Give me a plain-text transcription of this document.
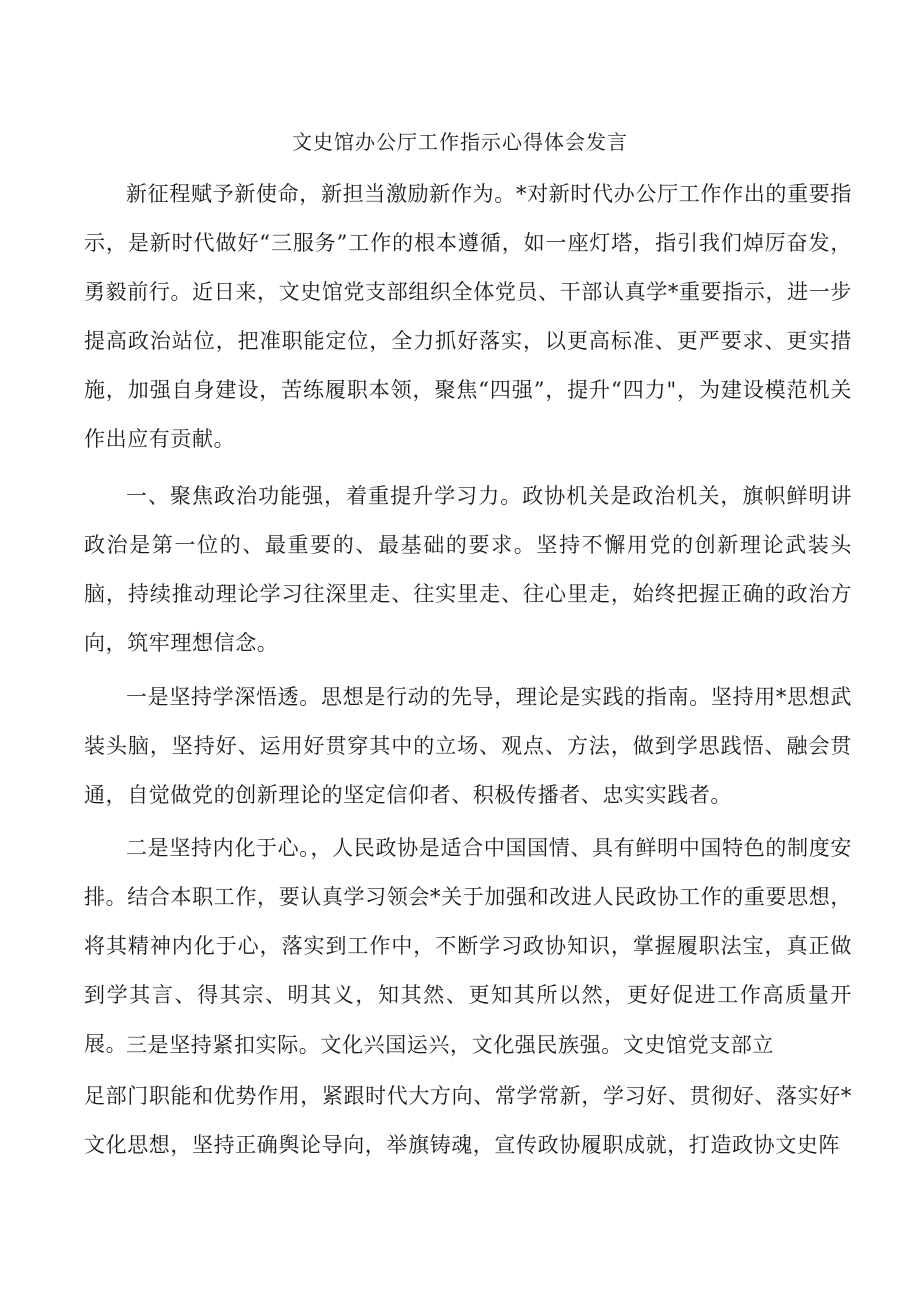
文史馆办公厅工作指示心得体会发言

新征程赋予新使命，新担当激励新作为。*对新时代办公厅工作作出的重要指示，是新时代做好“三服务”工作的根本遵循，如一座灯塔，指引我们焯厉奋发，勇毅前行。近日来，文史馆党支部组织全体党员、干部认真学*重要指示，进一步提高政治站位，把准职能定位，全力抓好落实，以更高标准、更严要求、更实措施，加强自身建设，苦练履职本领，聚焦“四强”，提升“四力"，为建设模范机关作出应有贡献。

一、聚焦政治功能强，着重提升学习力。政协机关是政治机关，旗帜鲜明讲政治是第一位的、最重要的、最基础的要求。坚持不懈用党的创新理论武装头脑，持续推动理论学习往深里走、往实里走、往心里走，始终把握正确的政治方向，筑牢理想信念。

一是坚持学深悟透。思想是行动的先导，理论是实践的指南。坚持用*思想武装头脑，坚持好、运用好贯穿其中的立场、观点、方法，做到学思践悟、融会贯通，自觉做党的创新理论的坚定信仰者、积极传播者、忠实实践者。

二是坚持内化于心。，人民政协是适合中国国情、具有鲜明中国特色的制度安排。结合本职工作，要认真学习领会*关于加强和改进人民政协工作的重要思想，将其精神内化于心，落实到工作中，不断学习政协知识，掌握履职法宝，真正做到学其言、得其宗、明其义，知其然、更知其所以然，更好促进工作高质量开展。

三是坚持紧扣实际。文化兴国运兴，文化强民族强。文史馆党支部立

足部门职能和优势作用，紧跟时代大方向、常学常新，学习好、贯彻好、落实好*文化思想，坚持正确舆论导向，举旗铸魂，宣传政协履职成就，打造政协文史阵
